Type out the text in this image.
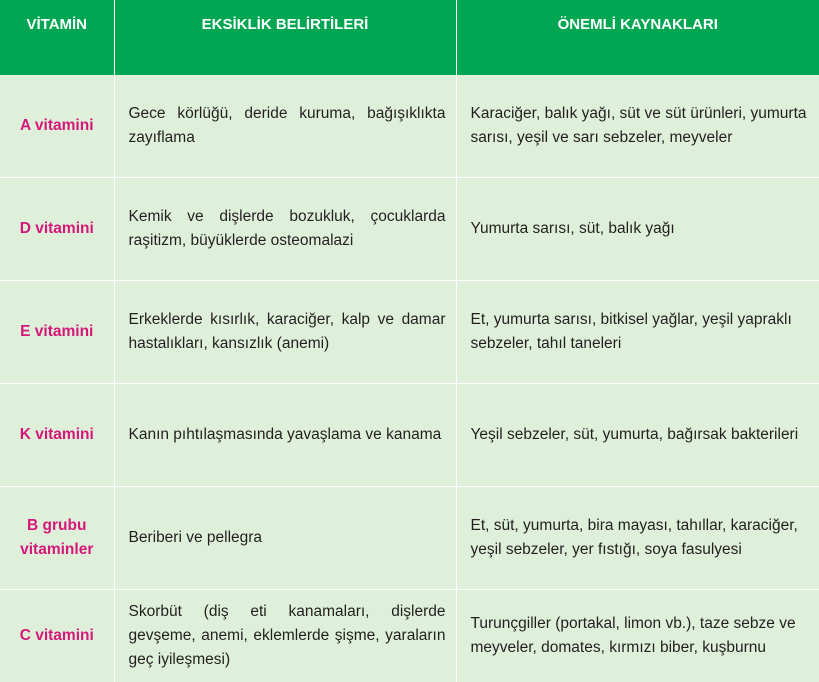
VİTAMİN	EKSİKLİK BELİRTİLERİ	ÖNEMLİ KAYNAKLARI

A vitamini	Gece körlüğü, deride kuruma, bağışıklıkta zayıflama	Karaciğer, balık yağı, süt ve süt ürünleri, yumurta sarısı, yeşil ve sarı sebzeler, meyveler
D vitamini	Kemik ve dişlerde bozukluk, çocuklarda raşitizm, büyüklerde osteomalazi	Yumurta sarısı, süt, balık yağı
E vitamini	Erkeklerde kısırlık, karaciğer, kalp ve damar hastalıkları, kansızlık (anemi)	Et, yumurta sarısı, bitkisel yağlar, yeşil yapraklı sebzeler, tahıl taneleri
K vitamini	Kanın pıhtılaşmasında yavaşlama ve kanama	Yeşil sebzeler, süt, yumurta, bağırsak bakterileri
B grubu vitaminler	Beriberi ve pellegra	Et, süt, yumurta, bira mayası, tahıllar, karaciğer, yeşil sebzeler, yer fıstığı, soya fasulyesi
C vitamini	Skorbüt (diş eti kanamaları, dişlerde gevşeme, anemi, eklemlerde şişme, yaraların geç iyileşmesi)	Turunçgiller (portakal, limon vb.), taze sebze ve meyveler, domates, kırmızı biber, kuşburnu
